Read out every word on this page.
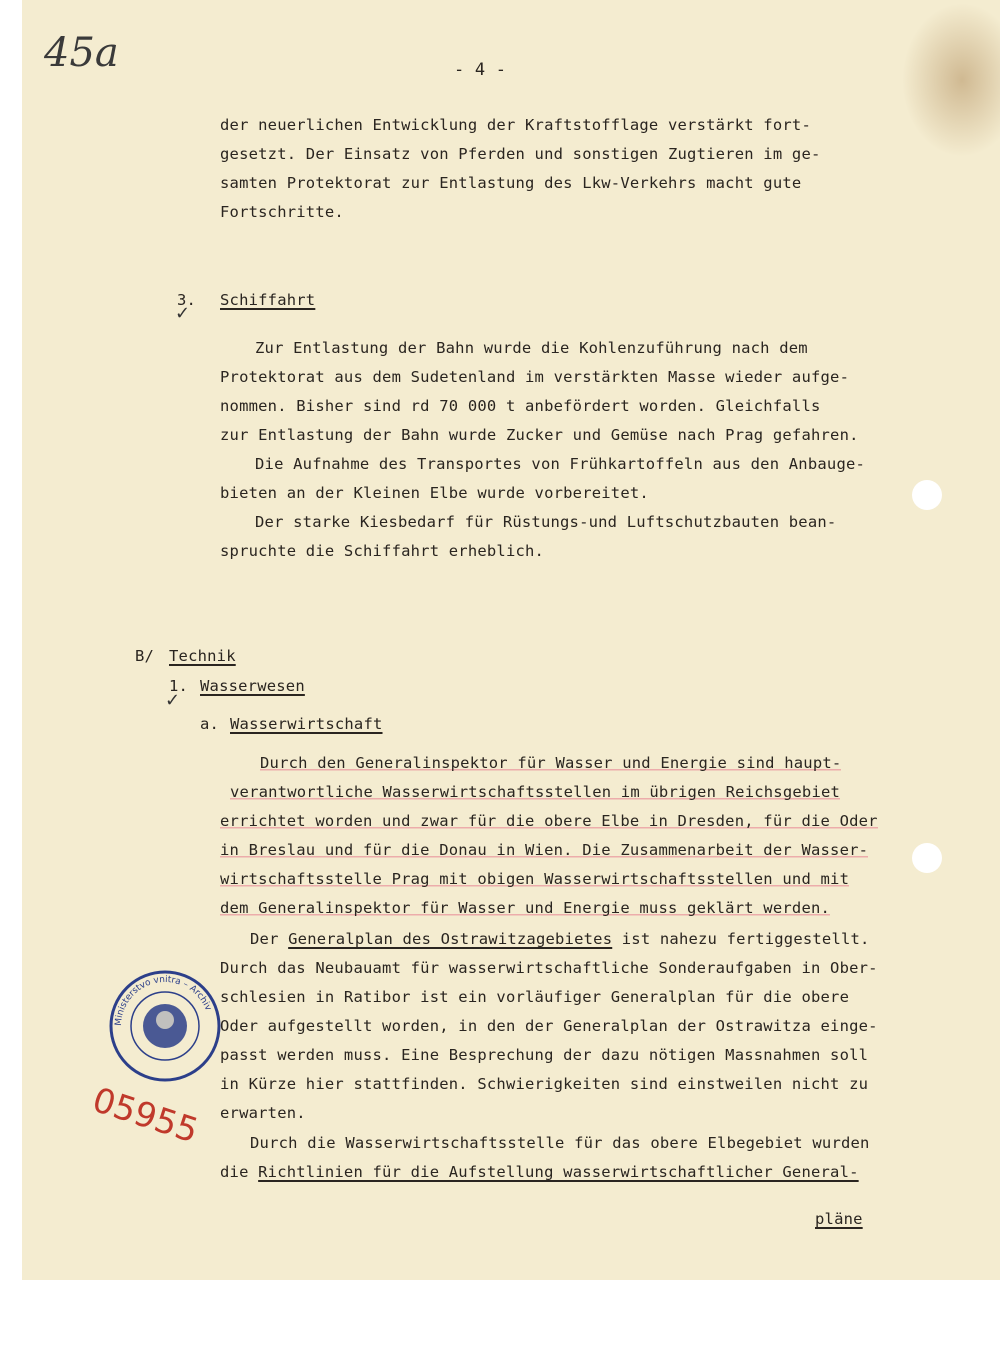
45a	- 4 -
der neuerlichen Entwicklung der Kraftstofflage verstärkt fort-
gesetzt. Der Einsatz von Pferden und sonstigen Zugtieren im ge-
samten Protektorat zur Entlastung des Lkw-Verkehrs macht gute
Fortschritte.
3.
✓
Schiffahrt
Zur Entlastung der Bahn wurde die Kohlenzuführung nach dem
Protektorat aus dem Sudetenland im verstärkten Masse wieder aufge-
nommen. Bisher sind rd 70 000 t anbefördert worden. Gleichfalls
zur Entlastung der Bahn wurde Zucker und Gemüse nach Prag gefahren.
Die Aufnahme des Transportes von Frühkartoffeln aus den Anbauge-
bieten an der Kleinen Elbe wurde vorbereitet.
Der starke Kiesbedarf für Rüstungs-und Luftschutzbauten bean-
spruchte die Schiffahrt erheblich.
B/ Technik
1. Wasserwesen
✓
a. Wasserwirtschaft
Durch den Generalinspektor für Wasser und Energie sind haupt-
verantwortliche Wasserwirtschaftsstellen im übrigen Reichsgebiet
errichtet worden und zwar für die obere Elbe in Dresden, für die Oder
in Breslau und für die Donau in Wien. Die Zusammenarbeit der Wasser-
wirtschaftsstelle Prag mit obigen Wasserwirtschaftsstellen und mit
dem Generalinspektor für Wasser und Energie muss geklärt werden.
Der Generalplan des Ostrawitzagebietes ist nahezu fertiggestellt.
Durch das Neubauamt für wasserwirtschaftliche Sonderaufgaben in Ober-
schlesien in Ratibor ist ein vorläufiger Generalplan für die obere
Oder aufgestellt worden, in den der Generalplan der Ostrawitza einge-
passt werden muss. Eine Besprechung der dazu nötigen Massnahmen soll
in Kürze hier stattfinden. Schwierigkeiten sind einstweilen nicht zu
erwarten.
Durch die Wasserwirtschaftsstelle für das obere Elbegebiet wurden
die Richtlinien für die Aufstellung wasserwirtschaftlicher General-
pläne
Ministerstvo vnitra – Archiv
05955
